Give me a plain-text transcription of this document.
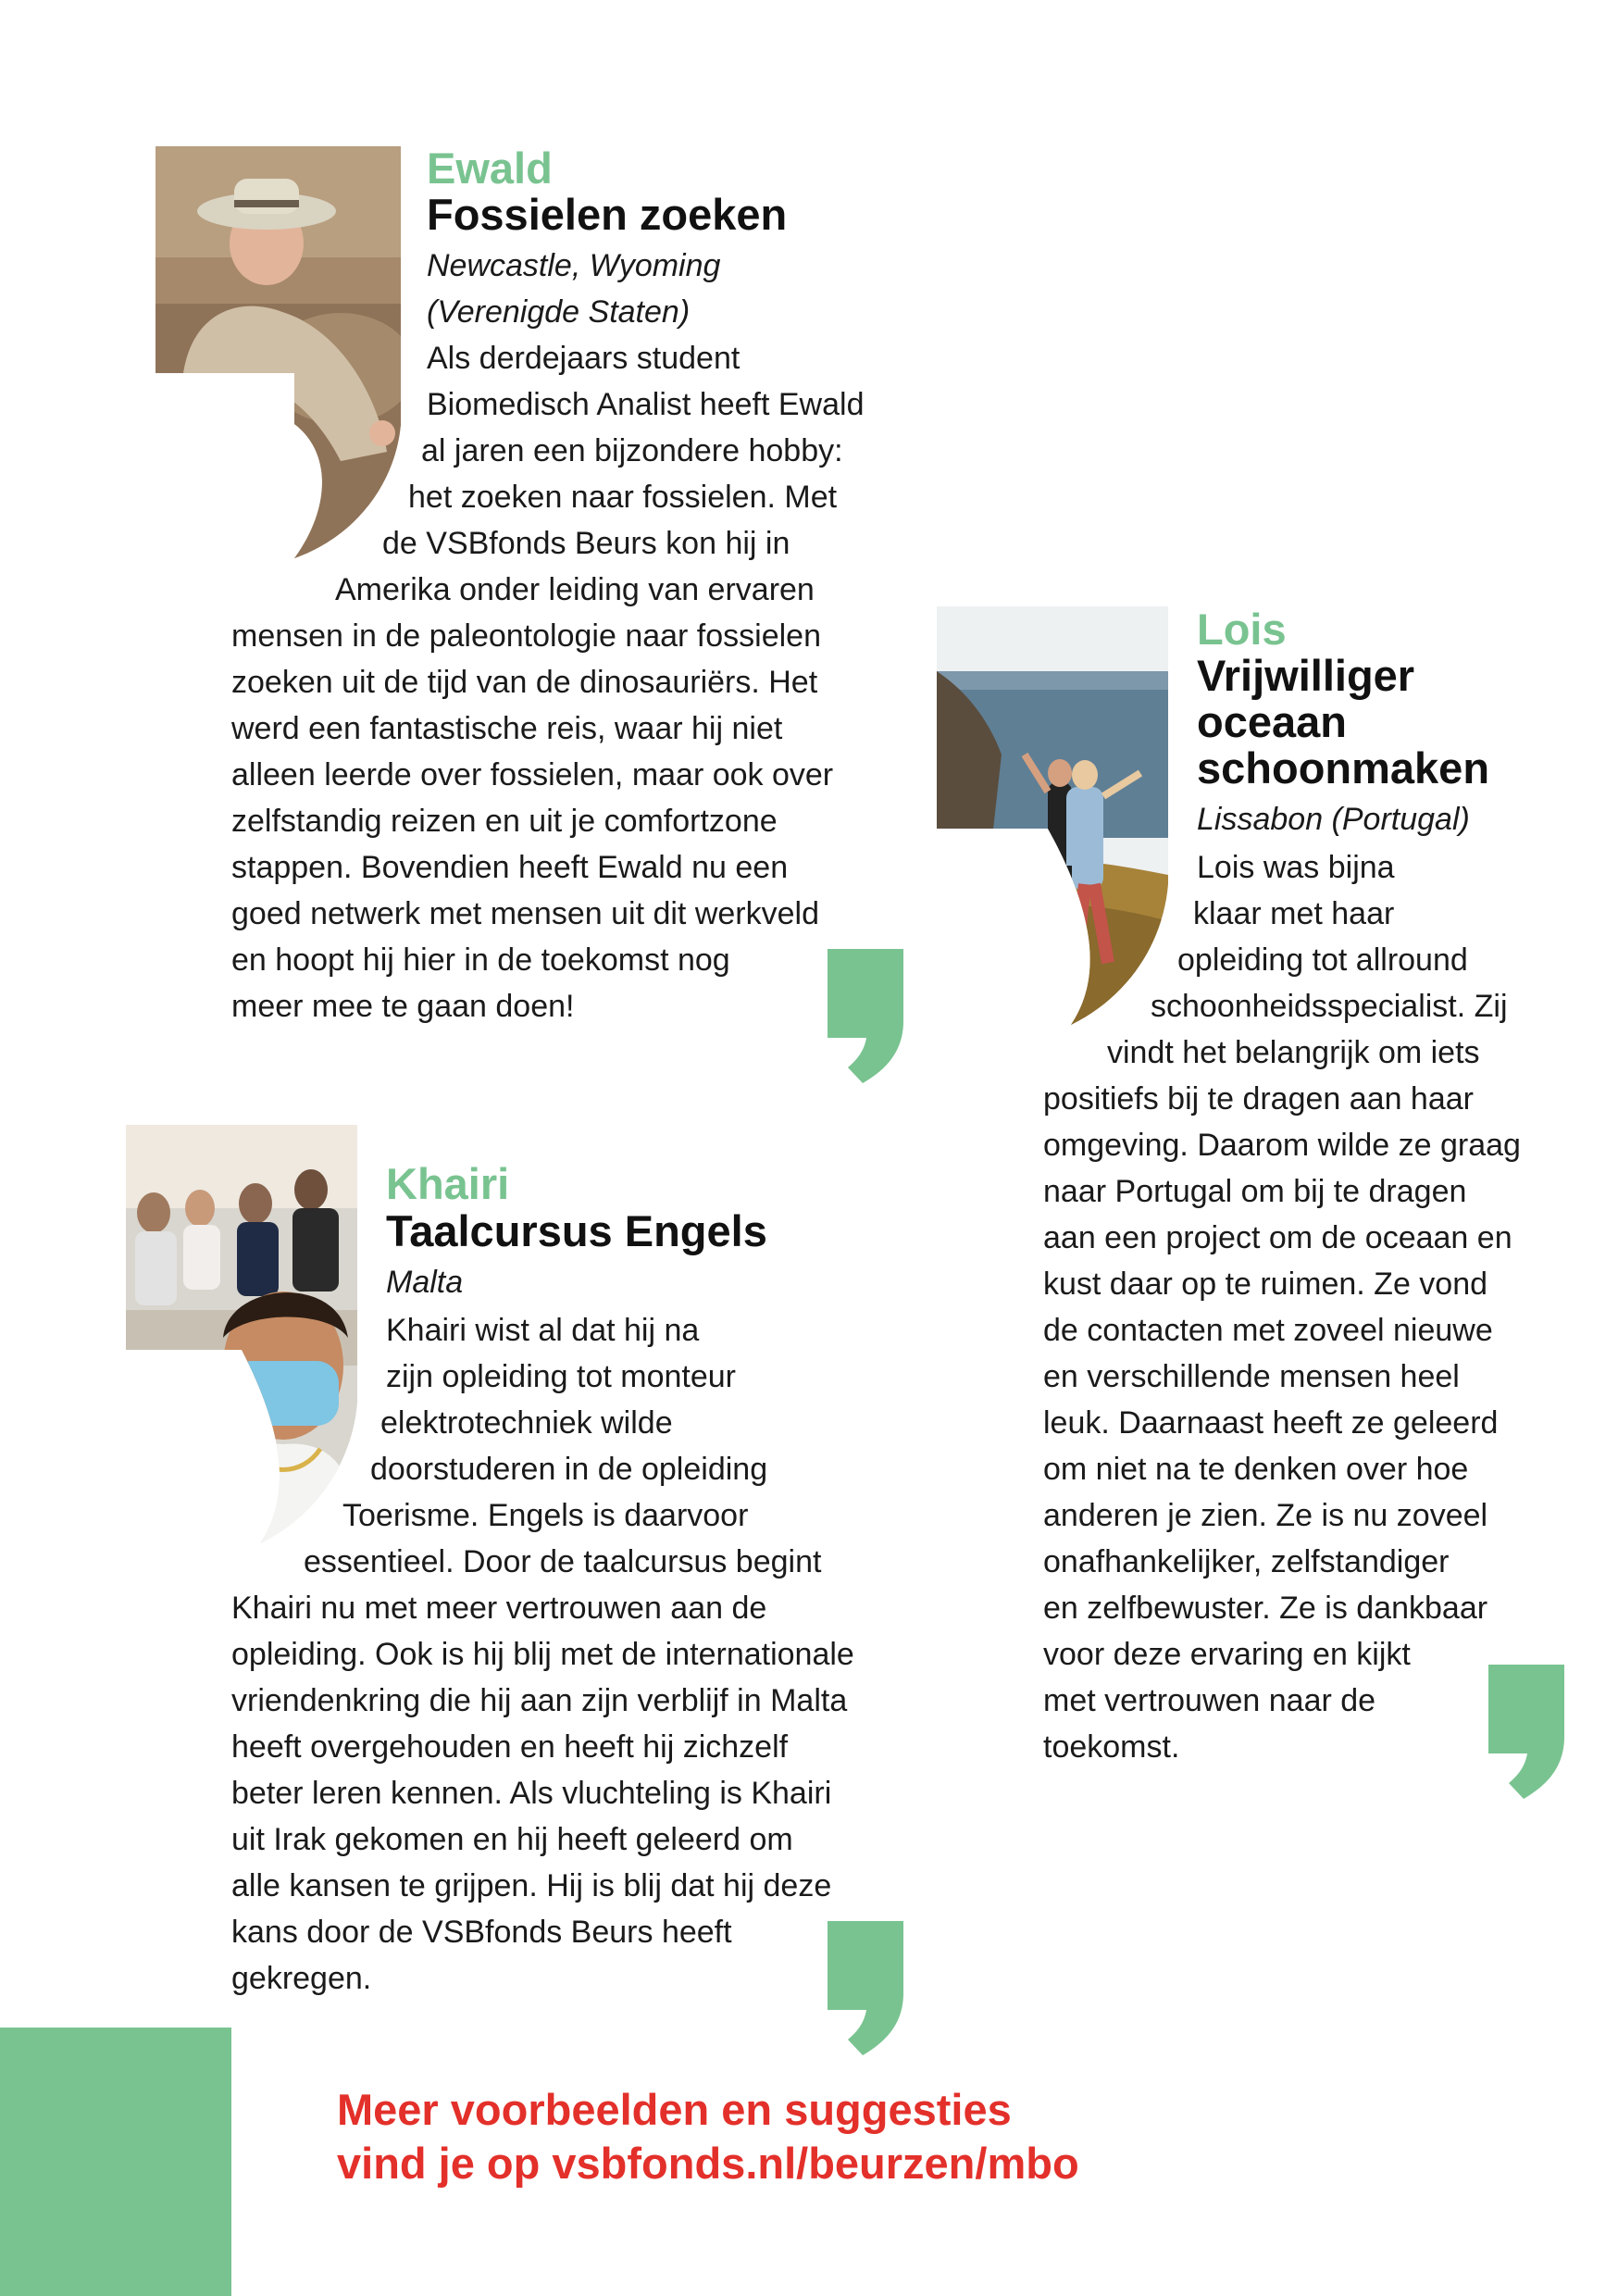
Ewald
Fossielen zoeken
Newcastle, Wyoming
(Verenigde Staten)
Als derdejaars student
Biomedisch Analist heeft Ewald
al jaren een bijzondere hobby:
het zoeken naar fossielen. Met
de VSBfonds Beurs kon hij in
Amerika onder leiding van ervaren
mensen in de paleontologie naar fossielen
zoeken uit de tijd van de dinosauriërs. Het
werd een fantastische reis, waar hij niet
alleen leerde over fossielen, maar ook over
zelfstandig reizen en uit je comfortzone
stappen. Bovendien heeft Ewald nu een
goed netwerk met mensen uit dit werkveld
en hoopt hij hier in de toekomst nog
meer mee te gaan doen!
Lois
Vrijwilliger
oceaan
schoonmaken
Lissabon (Portugal)
Lois was bijna
klaar met haar
opleiding tot allround
schoonheidsspecialist. Zij
vindt het belangrijk om iets
positiefs bij te dragen aan haar
omgeving. Daarom wilde ze graag
naar Portugal om bij te dragen
aan een project om de oceaan en
kust daar op te ruimen. Ze vond
de contacten met zoveel nieuwe
en verschillende mensen heel
leuk. Daarnaast heeft ze geleerd
om niet na te denken over hoe
anderen je zien. Ze is nu zoveel
onafhankelijker, zelfstandiger
en zelfbewuster. Ze is dankbaar
voor deze ervaring en kijkt
met vertrouwen naar de
toekomst.
Khairi
Taalcursus Engels
Malta
Khairi wist al dat hij na
zijn opleiding tot monteur
elektrotechniek wilde
doorstuderen in de opleiding
Toerisme. Engels is daarvoor
essentieel. Door de taalcursus begint
Khairi nu met meer vertrouwen aan de
opleiding. Ook is hij blij met de internationale
vriendenkring die hij aan zijn verblijf in Malta
heeft overgehouden en heeft hij zichzelf
beter leren kennen. Als vluchteling is Khairi
uit Irak gekomen en hij heeft geleerd om
alle kansen te grijpen. Hij is blij dat hij deze
kans door de VSBfonds Beurs heeft
gekregen.
Meer voorbeelden en suggesties
vind je op vsbfonds.nl/beurzen/mbo
